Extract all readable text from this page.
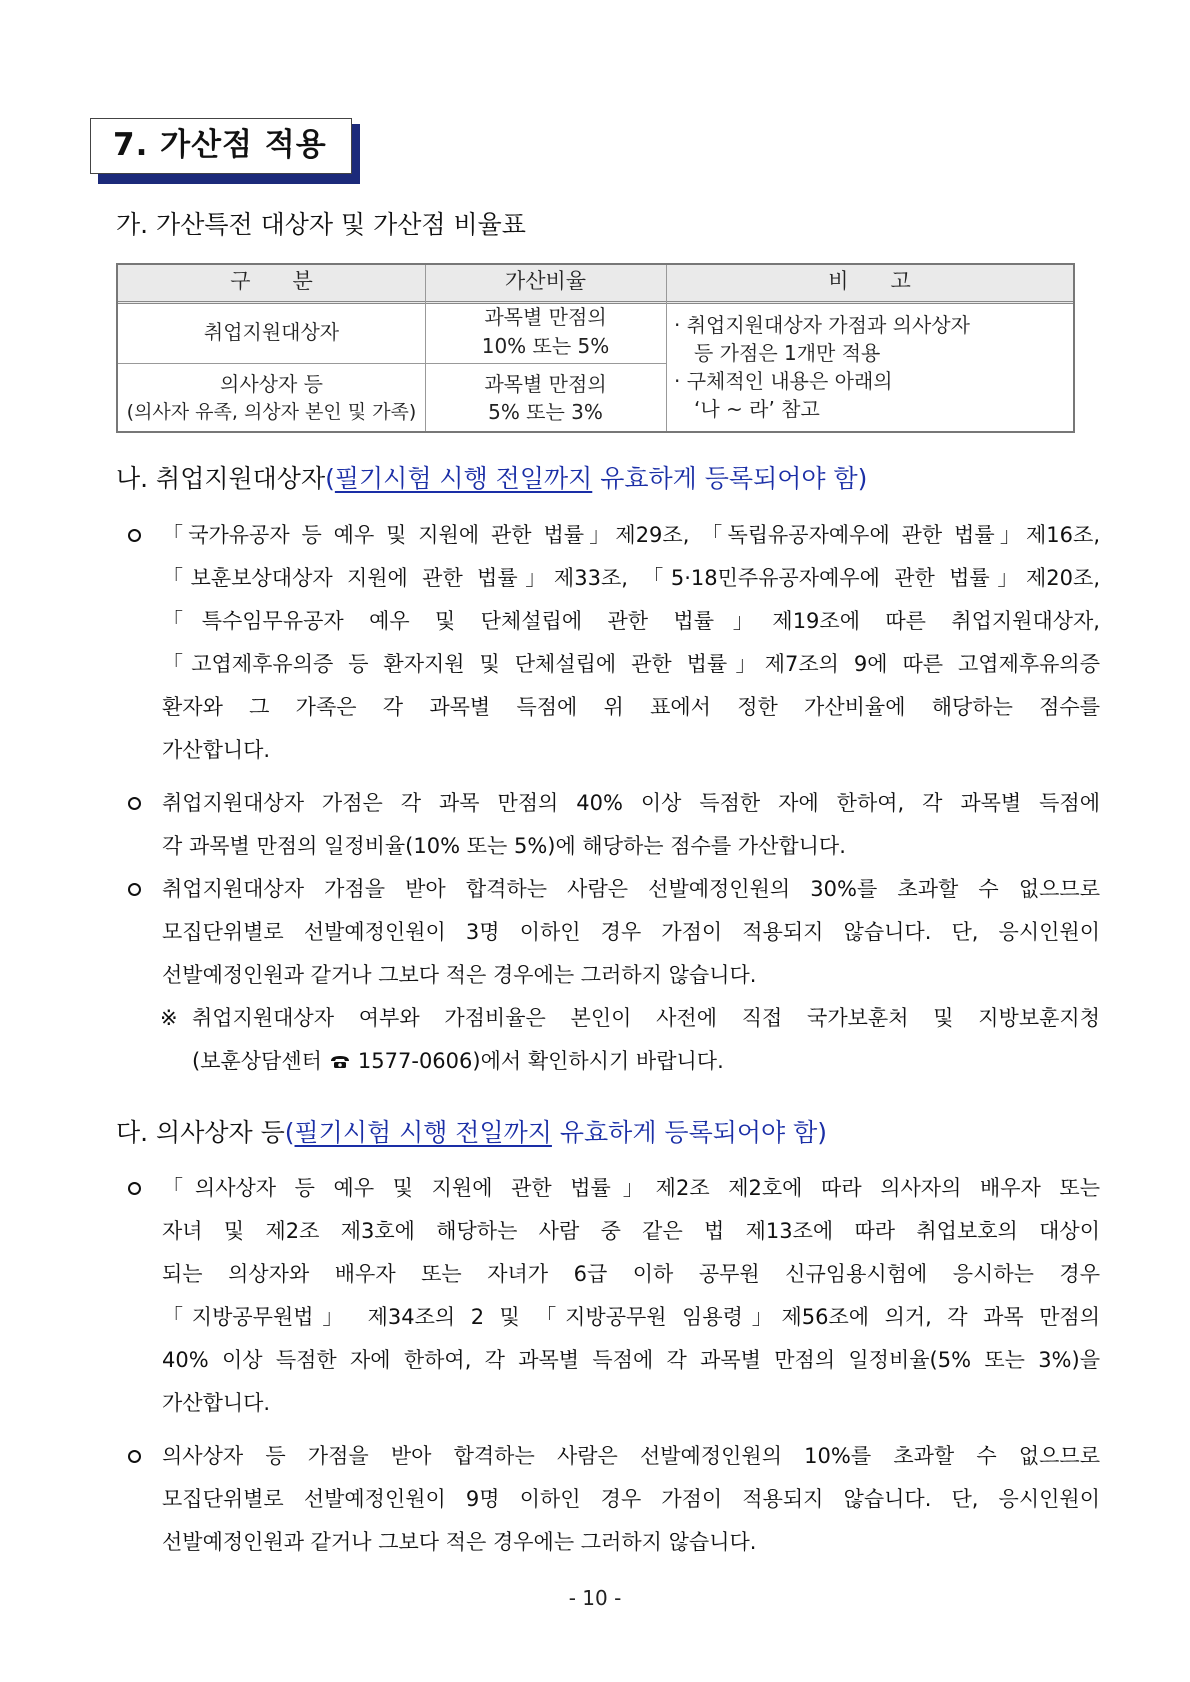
7. 가산점 적용
가. 가산특전 대상자 및 가산점 비율표
구　　분	가산비율	비　　고
취업지원대상자
과목별 만점의
10% 또는 5%
의사상자 등
(의사자 유족, 의상자 본인 및 가족)
과목별 만점의
5% 또는 3%
· 취업지원대상자 가점과 의사상자
등 가점은 1개만 적용
· 구체적인 내용은 아래의
‘나 ~ 라’ 참고
나. 취업지원대상자(필기시험 시행 전일까지 유효하게 등록되어야 함)
「국가유공자 등 예우 및 지원에 관한 법률」제29조, 「독립유공자예우에 관한 법률」제16조,
「보훈보상대상자 지원에 관한 법률」제33조, 「5·18민주유공자예우에 관한 법률」제20조,
「특수임무유공자 예우 및 단체설립에 관한 법률」제19조에 따른 취업지원대상자,
「고엽제후유의증 등 환자지원 및 단체설립에 관한 법률」제7조의 9에 따른 고엽제후유의증
환자와 그 가족은 각 과목별 득점에 위 표에서 정한 가산비율에 해당하는 점수를
가산합니다.
취업지원대상자 가점은 각 과목 만점의 40% 이상 득점한 자에 한하여, 각 과목별 득점에
각 과목별 만점의 일정비율(10% 또는 5%)에 해당하는 점수를 가산합니다.
취업지원대상자 가점을 받아 합격하는 사람은 선발예정인원의 30%를 초과할 수 없으므로
모집단위별로 선발예정인원이 3명 이하인 경우 가점이 적용되지 않습니다. 단, 응시인원이
선발예정인원과 같거나 그보다 적은 경우에는 그러하지 않습니다.
※ 취업지원대상자 여부와 가점비율은 본인이 사전에 직접 국가보훈처 및 지방보훈지청
(보훈상담센터 1577-0606)에서 확인하시기 바랍니다.
다. 의사상자 등(필기시험 시행 전일까지 유효하게 등록되어야 함)
「의사상자 등 예우 및 지원에 관한 법률」제2조 제2호에 따라 의사자의 배우자 또는
자녀 및 제2조 제3호에 해당하는 사람 중 같은 법 제13조에 따라 취업보호의 대상이
되는 의상자와 배우자 또는 자녀가 6급 이하 공무원 신규임용시험에 응시하는 경우
「지방공무원법」 제34조의 2 및 「지방공무원 임용령」제56조에 의거, 각 과목 만점의
40% 이상 득점한 자에 한하여, 각 과목별 득점에 각 과목별 만점의 일정비율(5% 또는 3%)을
가산합니다.
의사상자 등 가점을 받아 합격하는 사람은 선발예정인원의 10%를 초과할 수 없으므로
모집단위별로 선발예정인원이 9명 이하인 경우 가점이 적용되지 않습니다. 단, 응시인원이
선발예정인원과 같거나 그보다 적은 경우에는 그러하지 않습니다.
- 10 -
